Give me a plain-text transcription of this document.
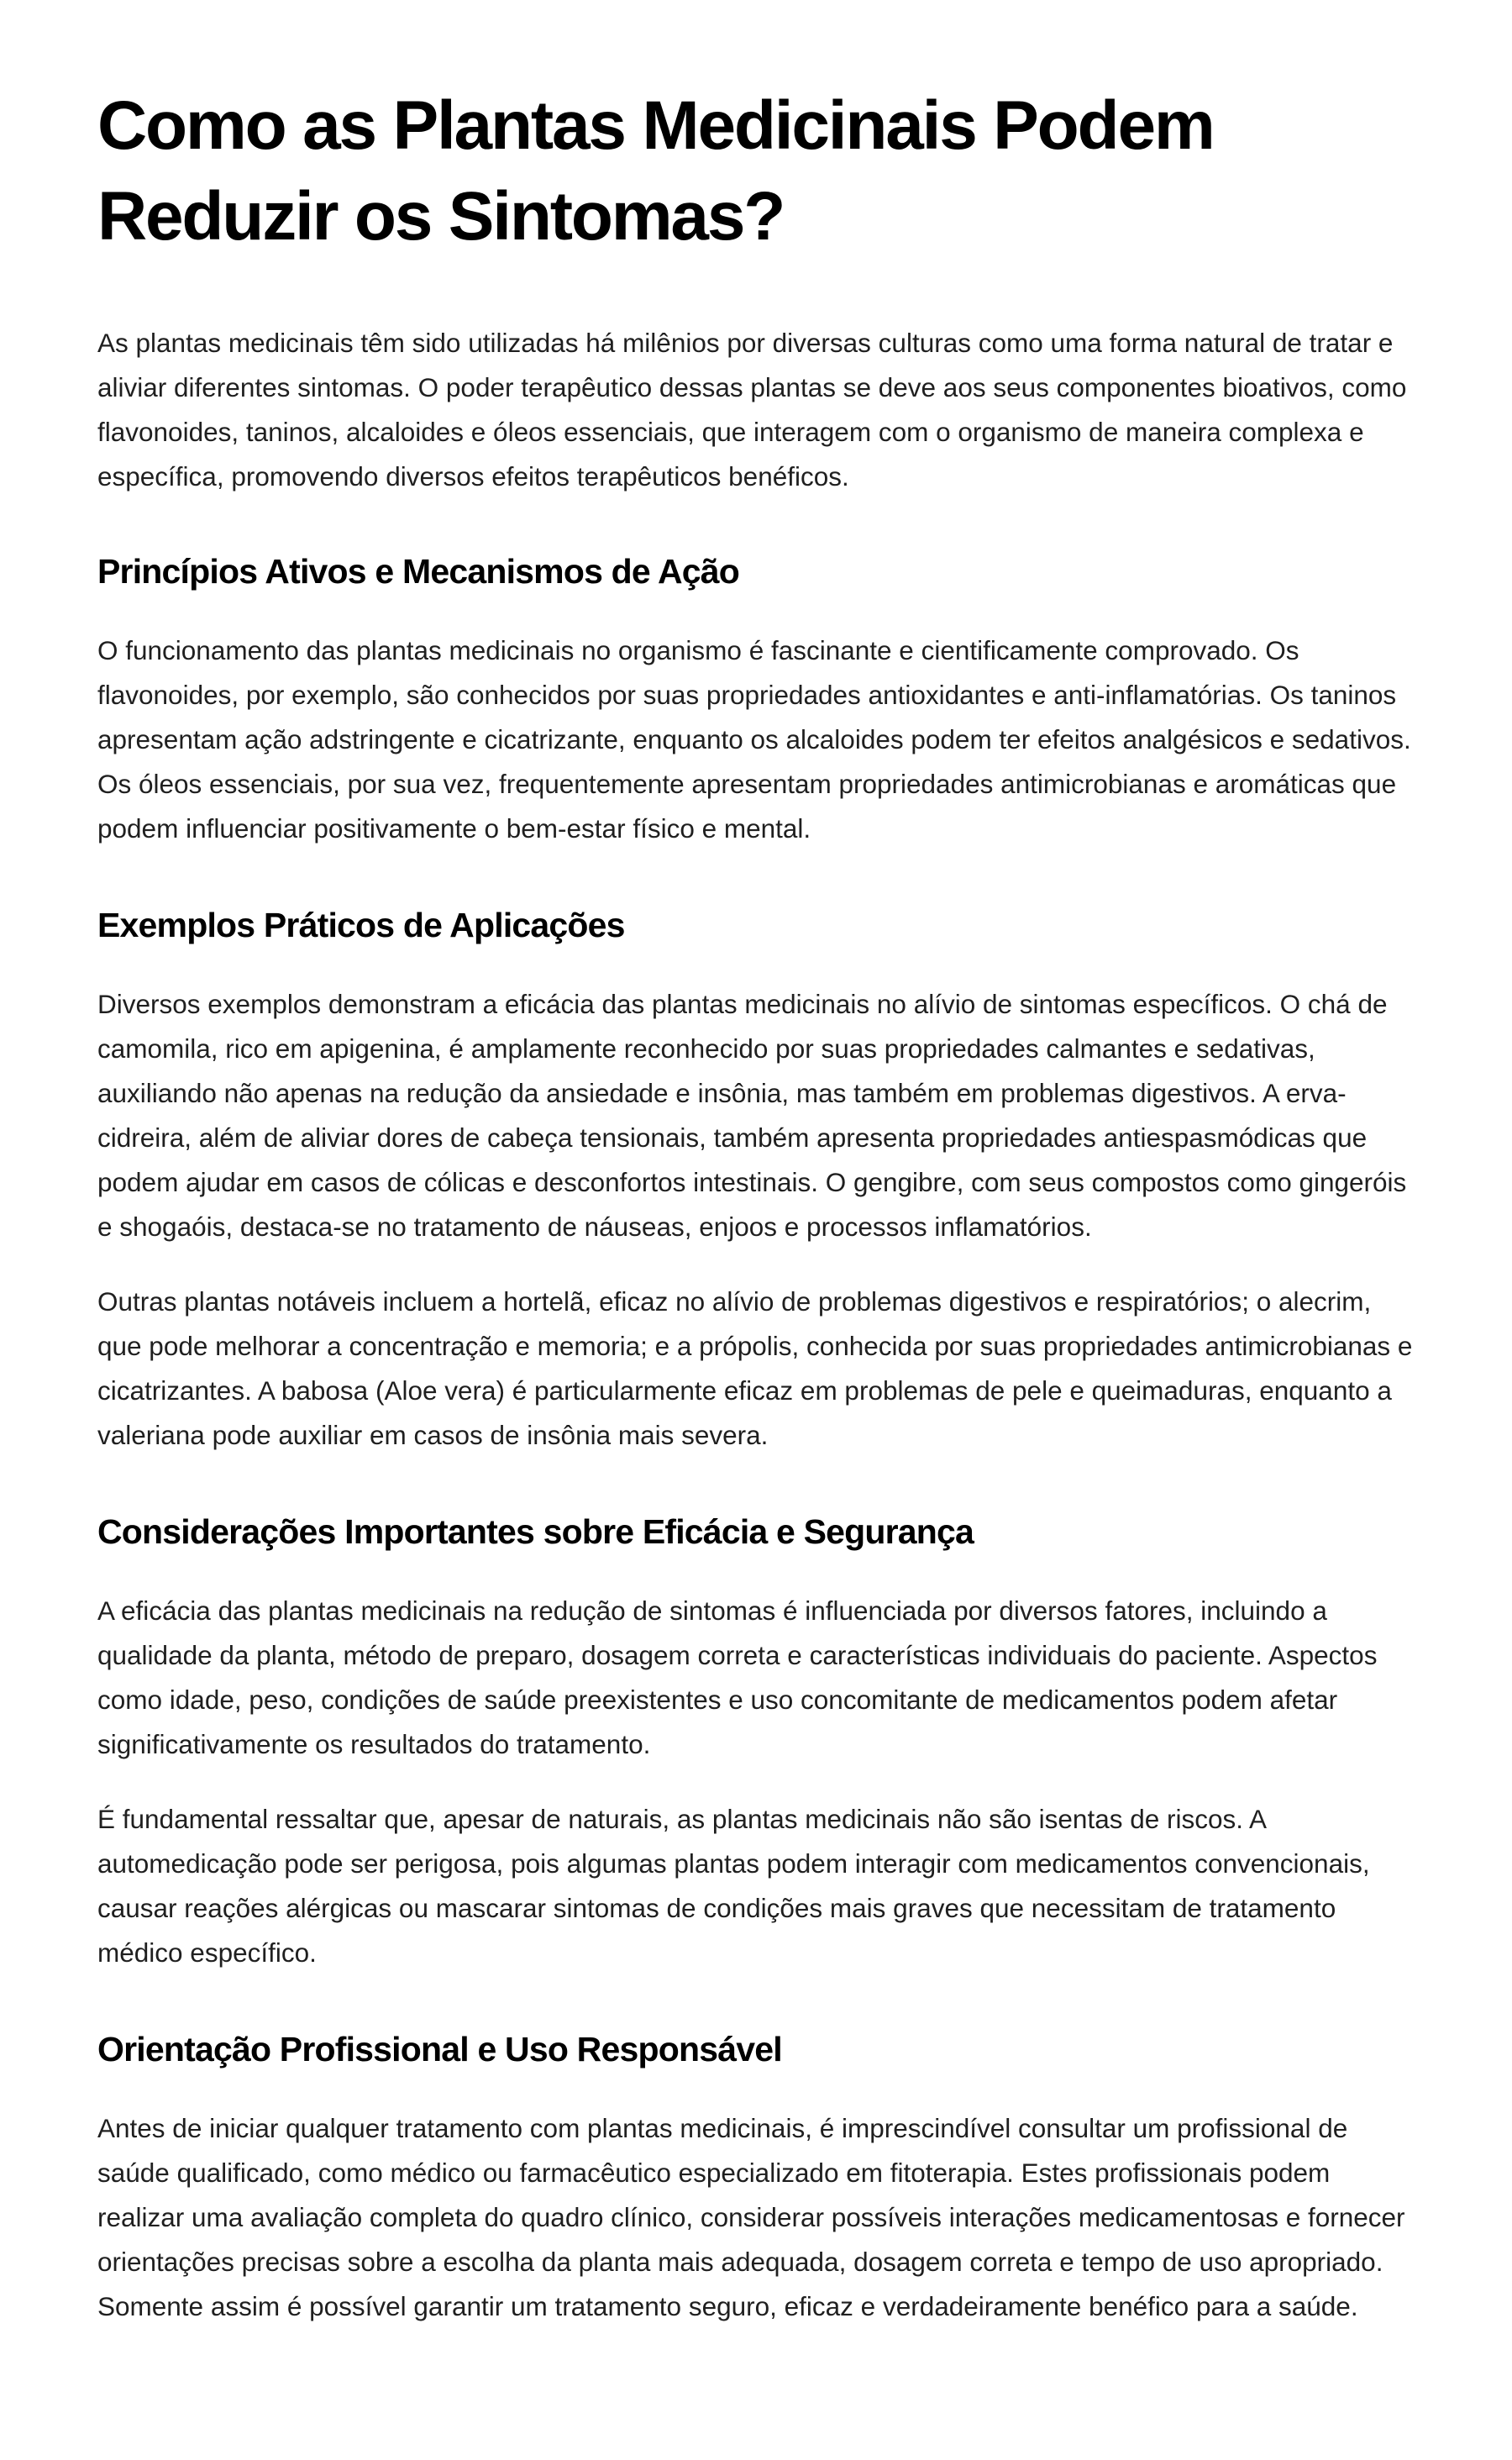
Como as Plantas Medicinais Podem Reduzir os Sintomas?

As plantas medicinais têm sido utilizadas há milênios por diversas culturas como uma forma natural de tratar e aliviar diferentes sintomas. O poder terapêutico dessas plantas se deve aos seus componentes bioativos, como flavonoides, taninos, alcaloides e óleos essenciais, que interagem com o organismo de maneira complexa e específica, promovendo diversos efeitos terapêuticos benéficos.

Princípios Ativos e Mecanismos de Ação

O funcionamento das plantas medicinais no organismo é fascinante e cientificamente comprovado. Os flavonoides, por exemplo, são conhecidos por suas propriedades antioxidantes e anti-inflamatórias. Os taninos apresentam ação adstringente e cicatrizante, enquanto os alcaloides podem ter efeitos analgésicos e sedativos. Os óleos essenciais, por sua vez, frequentemente apresentam propriedades antimicrobianas e aromáticas que podem influenciar positivamente o bem-estar físico e mental.

Exemplos Práticos de Aplicações

Diversos exemplos demonstram a eficácia das plantas medicinais no alívio de sintomas específicos. O chá de camomila, rico em apigenina, é amplamente reconhecido por suas propriedades calmantes e sedativas, auxiliando não apenas na redução da ansiedade e insônia, mas também em problemas digestivos. A erva-cidreira, além de aliviar dores de cabeça tensionais, também apresenta propriedades antiespasmódicas que podem ajudar em casos de cólicas e desconfortos intestinais. O gengibre, com seus compostos como gingeróis e shogaóis, destaca-se no tratamento de náuseas, enjoos e processos inflamatórios.

Outras plantas notáveis incluem a hortelã, eficaz no alívio de problemas digestivos e respiratórios; o alecrim, que pode melhorar a concentração e memoria; e a própolis, conhecida por suas propriedades antimicrobianas e cicatrizantes. A babosa (Aloe vera) é particularmente eficaz em problemas de pele e queimaduras, enquanto a valeriana pode auxiliar em casos de insônia mais severa.

Considerações Importantes sobre Eficácia e Segurança

A eficácia das plantas medicinais na redução de sintomas é influenciada por diversos fatores, incluindo a qualidade da planta, método de preparo, dosagem correta e características individuais do paciente. Aspectos como idade, peso, condições de saúde preexistentes e uso concomitante de medicamentos podem afetar significativamente os resultados do tratamento.

É fundamental ressaltar que, apesar de naturais, as plantas medicinais não são isentas de riscos. A automedicação pode ser perigosa, pois algumas plantas podem interagir com medicamentos convencionais, causar reações alérgicas ou mascarar sintomas de condições mais graves que necessitam de tratamento médico específico.

Orientação Profissional e Uso Responsável

Antes de iniciar qualquer tratamento com plantas medicinais, é imprescindível consultar um profissional de saúde qualificado, como médico ou farmacêutico especializado em fitoterapia. Estes profissionais podem realizar uma avaliação completa do quadro clínico, considerar possíveis interações medicamentosas e fornecer orientações precisas sobre a escolha da planta mais adequada, dosagem correta e tempo de uso apropriado. Somente assim é possível garantir um tratamento seguro, eficaz e verdadeiramente benéfico para a saúde.
